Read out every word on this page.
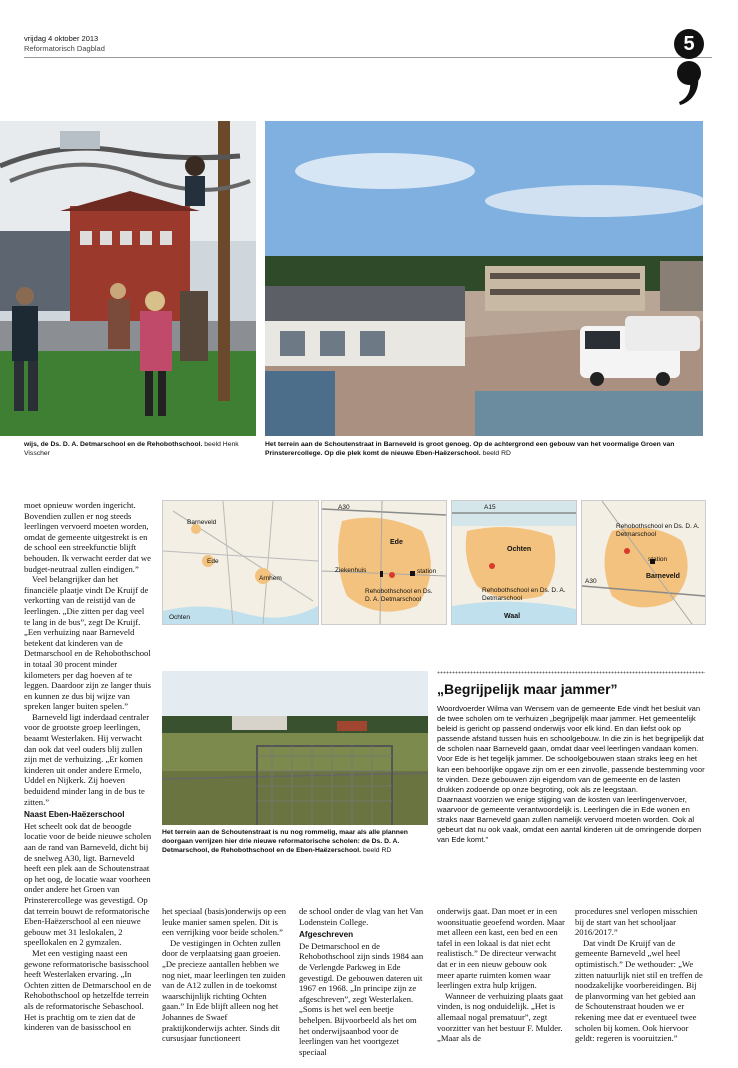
vrijdag 4 oktober 2013
Reformatorisch Dagblad	5
wijs, de Ds. D. A. Detmarschool en de Rehobothschool. beeld Henk Visscher
Het terrein aan de Schoutenstraat in Barneveld is groot genoeg. Op de achtergrond een gebouw van het voormalige Groen van Prinsterercollege. Op die plek komt de nieuwe Eben-Haëzerschool. beeld RD
Barneveld
Ede
Arnhem
Ochten
A30
Ede
Ziekenhuis	station
Rehobothschool en Ds. D. A. Detmarschool
A15
Ochten
Rehobothschool en Ds. D. A. Detmarschool
Waal
Rehobothschool en Ds. D. A. Detmarschool
station
A30
Barneveld
Het terrein aan de Schoutenstraat is nu nog rommelig, maar als alle plannen doorgaan verrijzen hier drie nieuwe reformatorische scholen: de Ds. D. A. Detmarschool, de Rehobothschool en de Eben-Haëzerschool. beeld RD

moet opnieuw worden ingericht. Bovendien zullen er nog steeds leerlingen vervoerd moeten worden, omdat de gemeente uitgestrekt is en de school een streekfunctie blijft behouden. Ik verwacht eerder dat we budget-neutraal zullen eindigen.”

Veel belangrijker dan het financiële plaatje vindt De Kruijf de verkorting van de reistijd van de leerlingen. „Die zitten per dag veel te lang in de bus”, zegt De Kruijf. „Een verhuizing naar Barneveld betekent dat kinderen van de Detmarschool en de Rehobothschool in totaal 30 procent minder kilometers per dag hoeven af te leggen. Daardoor zijn ze langer thuis en kunnen ze dus bij wijze van spreken langer buiten spelen.”

Barneveld ligt inderdaad centraler voor de grootste groep leerlingen, beaamt Westerlaken. Hij verwacht dan ook dat veel ouders blij zullen zijn met de verhuizing. „Er komen kinderen uit onder andere Ermelo, Uddel en Nijkerk. Zij hoeven beduidend minder lang in de bus te zitten.”

Naast Eben-Haëzerschool

Het scheelt ook dat de beoogde locatie voor de beide nieuwe scholen aan de rand van Barneveld, dicht bij de snelweg A30, ligt. Barneveld heeft een plek aan de Schoutenstraat op het oog, de locatie waar voorheen onder andere het Groen van Prinsterercollege was gevestigd. Op dat terrein bouwt de reformatorische Eben-Haëzerschool al een nieuwe gebouw met 31 leslokalen, 2 speellokalen en 2 gymzalen.

Met een vestiging naast een gewone reformatorische basisschool heeft Westerlaken ervaring. „In Ochten zitten de Detmarschool en de Rehobothschool op hetzelfde terrein als de reformatorische Sebaschool. Het is prachtig om te zien dat de kinderen van de basisschool en

het speciaal (basis)onderwijs op een leuke manier samen spelen. Dit is een verrijking voor beide scholen.”

De vestigingen in Ochten zullen door de verplaatsing gaan groeien. „De precieze aantallen hebben we nog niet, maar leerlingen ten zuiden van de A12 zullen in de toekomst waarschijnlijk richting Ochten gaan.” In Ede blijft alleen nog het Johannes de Swaef praktijkonderwijs achter. Sinds dit cursusjaar functioneert

de school onder de vlag van het Van Lodenstein College.

Afgeschreven

De Detmarschool en de Rehobothschool zijn sinds 1984 aan de Verlengde Parkweg in Ede gevestigd. De gebouwen dateren uit 1967 en 1968. „In principe zijn ze afgeschreven”, zegt Westerlaken. „Soms is het wel een beetje behelpen. Bijvoorbeeld als het om het onderwijsaanbod voor de leerlingen van het voortgezet speciaal

onderwijs gaat. Dan moet er in een woonsituatie geoefend worden. Maar met alleen een kast, een bed en een tafel in een lokaal is dat niet echt realistisch.” De directeur verwacht dat er in een nieuw gebouw ook meer aparte ruimten komen waar leerlingen extra hulp krijgen.

Wanneer de verhuizing plaats gaat vinden, is nog onduidelijk. „Het is allemaal nogal prematuur”, zegt voorzitter van het bestuur F. Mulder. „Maar als de

procedures snel verlopen misschien bij de start van het schooljaar 2016/2017.”

Dat vindt De Kruijf van de gemeente Barneveld „wel heel optimistisch.” De wethouder: „We zitten natuurlijk niet stil en treffen de noodzakelijke voorbereidingen. Bij de planvorming van het gebied aan de Schoutenstraat houden we er rekening mee dat er eventueel twee scholen bij komen. Ook hiervoor geldt: regeren is vooruitzien.”

„Begrijpelijk maar jammer”

Woordvoerder Wilma van Wensem van de gemeente Ede vindt het besluit van de twee scholen om te verhuizen „begrijpelijk maar jammer. Het gemeentelijk beleid is gericht op passend onderwijs voor elk kind. En dan liefst ook op passende afstand tussen huis en schoolgebouw. In die zin is het begrijpelijk dat de scholen naar Barneveld gaan, omdat daar veel leerlingen vandaan komen.

Voor Ede is het tegelijk jammer. De schoolgebouwen staan straks leeg en het kan een behoorlijke opgave zijn om er een zinvolle, passende bestemming voor te vinden. Deze gebouwen zijn eigendom van de gemeente en de lasten drukken zodoende op onze begroting, ook als ze leegstaan.

Daarnaast voorzien we enige stijging van de kosten van leerlingenvervoer, waarvoor de gemeente verantwoordelijk is. Leerlingen die in Ede wonen en straks naar Barneveld gaan zullen namelijk vervoerd moeten worden. Ook al gebeurt dat nu ook vaak, omdat een aantal kinderen uit de omringende dorpen van Ede komt.”
